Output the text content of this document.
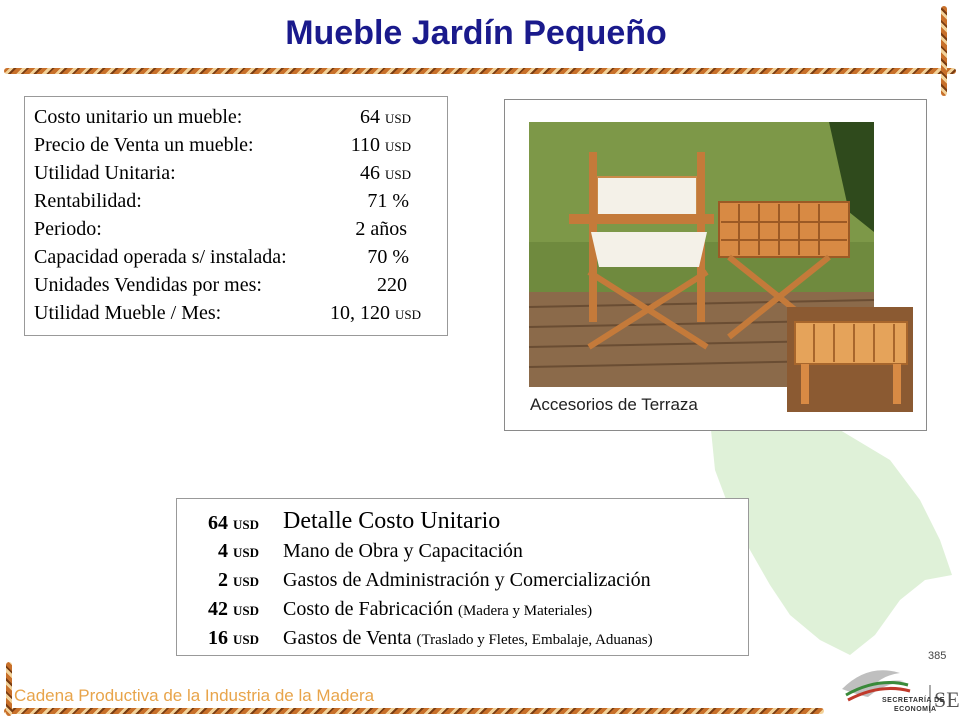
Mueble Jardín Pequeño
Costo unitario un mueble:	64 USD
Precio de Venta un mueble:	110 USD
Utilidad Unitaria:	46 USD
Rentabilidad:	71 %
Periodo:	2 años
Capacidad operada s/ instalada:	70 %
Unidades Vendidas por mes:	220
Utilidad Mueble / Mes:	10, 120 USD
Accesorios de Terraza
64 USD Detalle Costo Unitario
4 USD Mano de Obra y Capacitación
2 USD Gastos de Administración y Comercialización
42 USD Costo de Fabricación (Madera y Materiales)
16 USD Gastos de Venta (Traslado y Fletes, Embalaje, Aduanas)
385
Cadena Productiva de la Industria de la Madera	SE
SECRETARÍA DE
ECONOMÍA
